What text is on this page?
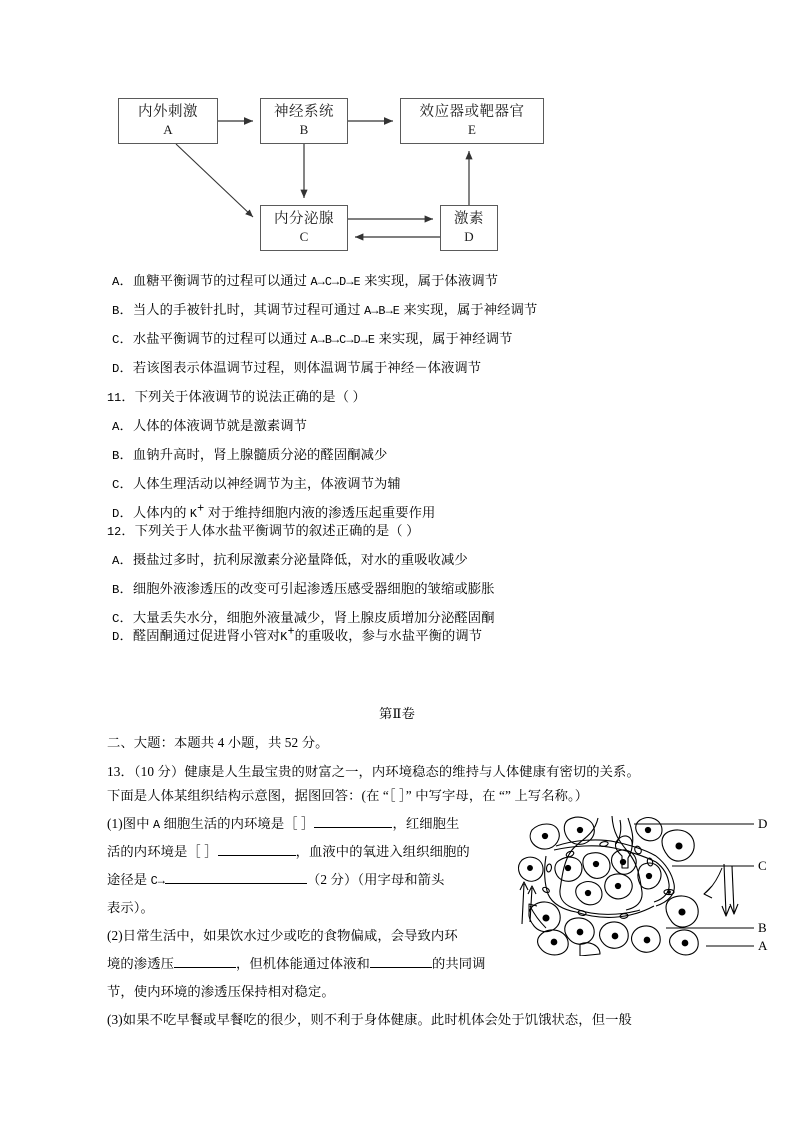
内外刺激
A
神经系统
B
内分泌腺
C
激素
D
效应器或靶器官
E
A．血糖平衡调节的过程可以通过 A→C→D→E 来实现，属于体液调节
B．当人的手被针扎时，其调节过程可通过 A→B→E 来实现，属于神经调节
C．水盐平衡调节的过程可以通过 A→B→C→D→E 来实现，属于神经调节
D．若该图表示体温调节过程，则体温调节属于神经－体液调节
11．下列关于体液调节的说法正确的是（ ）
A．人体的体液调节就是激素调节
B．血钠升高时，肾上腺髓质分泌的醛固酮减少
C．人体生理活动以神经调节为主，体液调节为辅
D．人体内的 K+ 对于维持细胞内液的渗透压起重要作用
12．下列关于人体水盐平衡调节的叙述正确的是（ ）
A．摄盐过多时，抗利尿激素分泌量降低，对水的重吸收减少
B．细胞外液渗透压的改变可引起渗透压感受器细胞的皱缩或膨胀
C．大量丢失水分，细胞外液量减少，肾上腺皮质增加分泌醛固酮
D．醛固酮通过促进肾小管对K+的重吸收，参与水盐平衡的调节
第Ⅱ卷
二、大题：本题共 4 小题，共 52 分。
13．（10 分）健康是人生最宝贵的财富之一，内环境稳态的维持与人体健康有密切的关系。
下面是人体某组织结构示意图，据图回答：(在 “［ ］” 中写字母，在 “” 上写名称。）
(1)图中 A 细胞生活的内环境是［ ］	，红细胞生
活的内环境是［ ］	，血液中的氧进入组织细胞的
途径是 C→	（2 分）（用字母和箭头
表示）。
(2)日常生活中，如果饮水过少或吃的食物偏咸，会导致内环
境的渗透压	，但机体能通过体液和	的共同调
节，使内环境的渗透压保持相对稳定。
(3)如果不吃早餐或早餐吃的很少，则不利于身体健康。此时机体会处于饥饿状态，但一般
D
C
B
A
